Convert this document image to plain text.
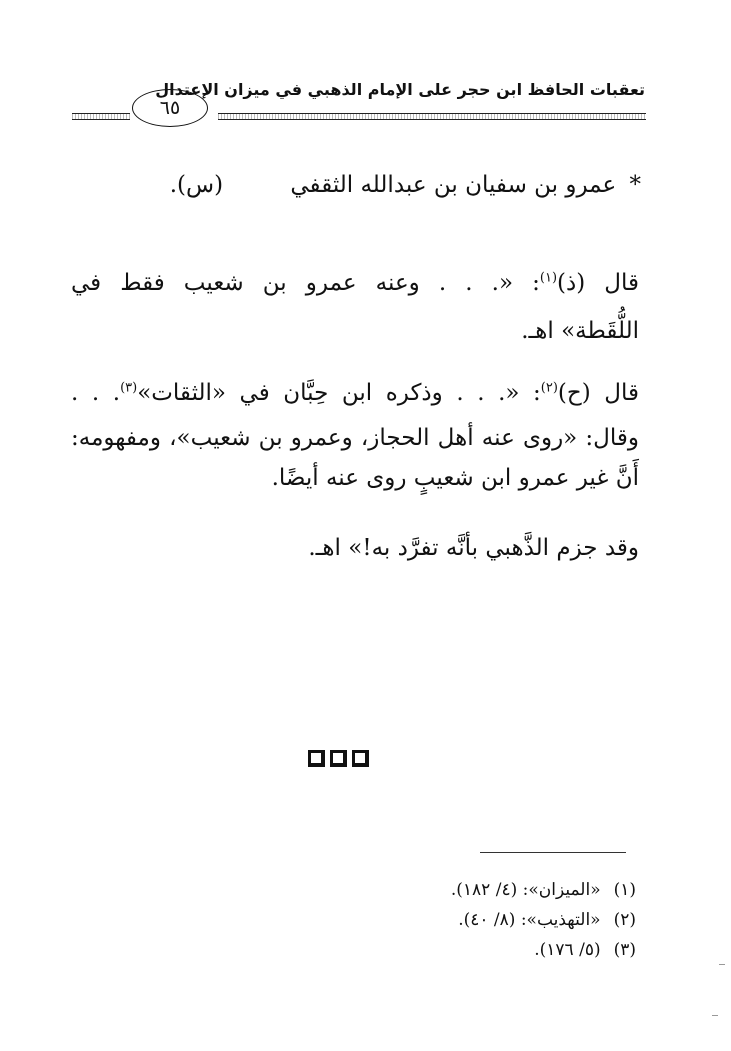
تعقبات الحافظ ابن حجر على الإمام الذهبي في ميزان الإعتدال
٦٥
* عمرو بن سفيان بن عبدالله الثقفي (س).
قال (ذ)$^{(١)}$: «. . . وعنه عمرو بن شعيب فقط في
اللُّقَطة» اهـ.
قال (ح)$^{(٢)}$: «. . . وذكره ابن حِبَّان في «الثقات»$^{(٣)}$. . .
وقال: «روى عنه أهل الحجاز، وعمرو بن شعيب»، ومفهومه:
أَنَّ غير عمرو ابن شعيبٍ روى عنه أيضًا.
وقد جزم الذَّهبي بأنَّه تفرَّد به!» اهـ.
(١) «الميزان»: (٤/ ١٨٢).
(٢) «التهذيب»: (٨/ ٤٠).
(٣) (٥/ ١٧٦).
